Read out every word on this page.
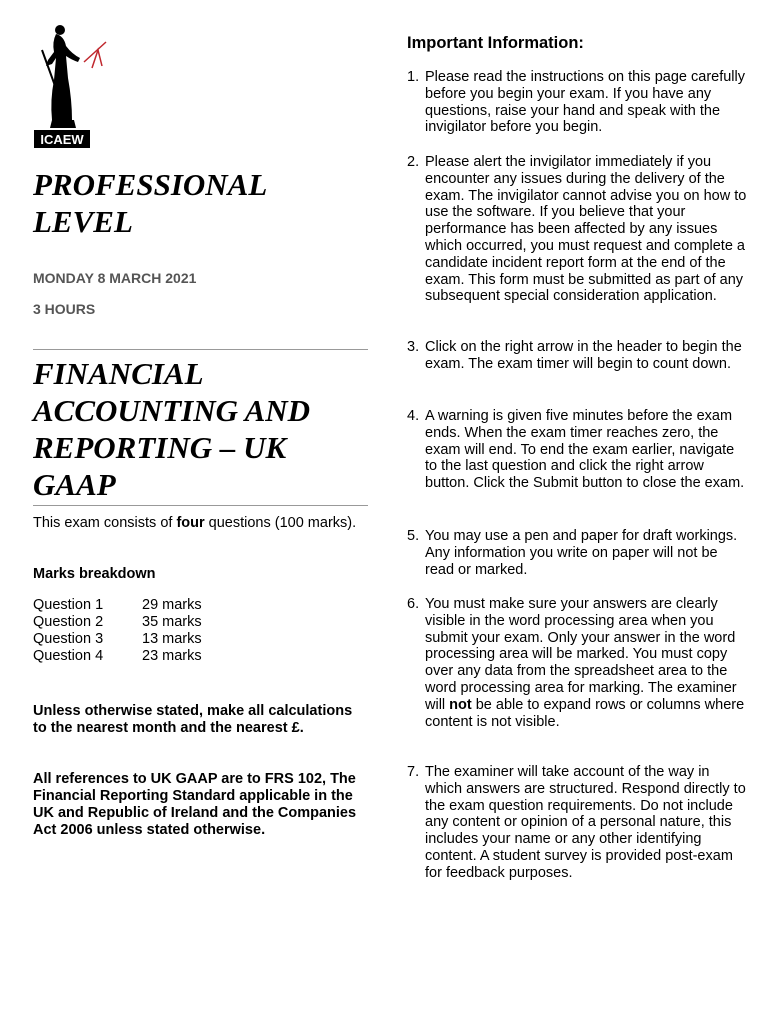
ICAEW
PROFESSIONAL LEVEL
MONDAY 8 MARCH 2021
3 HOURS
FINANCIAL ACCOUNTING AND REPORTING – UK GAAP
This exam consists of four questions (100 marks).
Marks breakdown
Question 1	29 marks
Question 2	35 marks
Question 3	13 marks
Question 4	23 marks
Unless otherwise stated, make all calculations to the nearest month and the nearest £.
All references to UK GAAP are to FRS 102, The Financial Reporting Standard applicable in the UK and Republic of Ireland and the Companies Act 2006 unless stated otherwise.
Important Information:
1. Please read the instructions on this page carefully before you begin your exam. If you have any questions, raise your hand and speak with the invigilator before you begin.
2. Please alert the invigilator immediately if you encounter any issues during the delivery of the exam. The invigilator cannot advise you on how to use the software. If you believe that your performance has been affected by any issues which occurred, you must request and complete a candidate incident report form at the end of the exam. This form must be submitted as part of any subsequent special consideration application.
3. Click on the right arrow in the header to begin the exam. The exam timer will begin to count down.
4. A warning is given five minutes before the exam ends. When the exam timer reaches zero, the exam will end. To end the exam earlier, navigate to the last question and click the right arrow button. Click the Submit button to close the exam.
5. You may use a pen and paper for draft workings. Any information you write on paper will not be read or marked.
6. You must make sure your answers are clearly visible in the word processing area when you submit your exam. Only your answer in the word processing area will be marked. You must copy over any data from the spreadsheet area to the word processing area for marking. The examiner will not be able to expand rows or columns where content is not visible.
7. The examiner will take account of the way in which answers are structured. Respond directly to the exam question requirements. Do not include any content or opinion of a personal nature, this includes your name or any other identifying content. A student survey is provided post-exam for feedback purposes.
